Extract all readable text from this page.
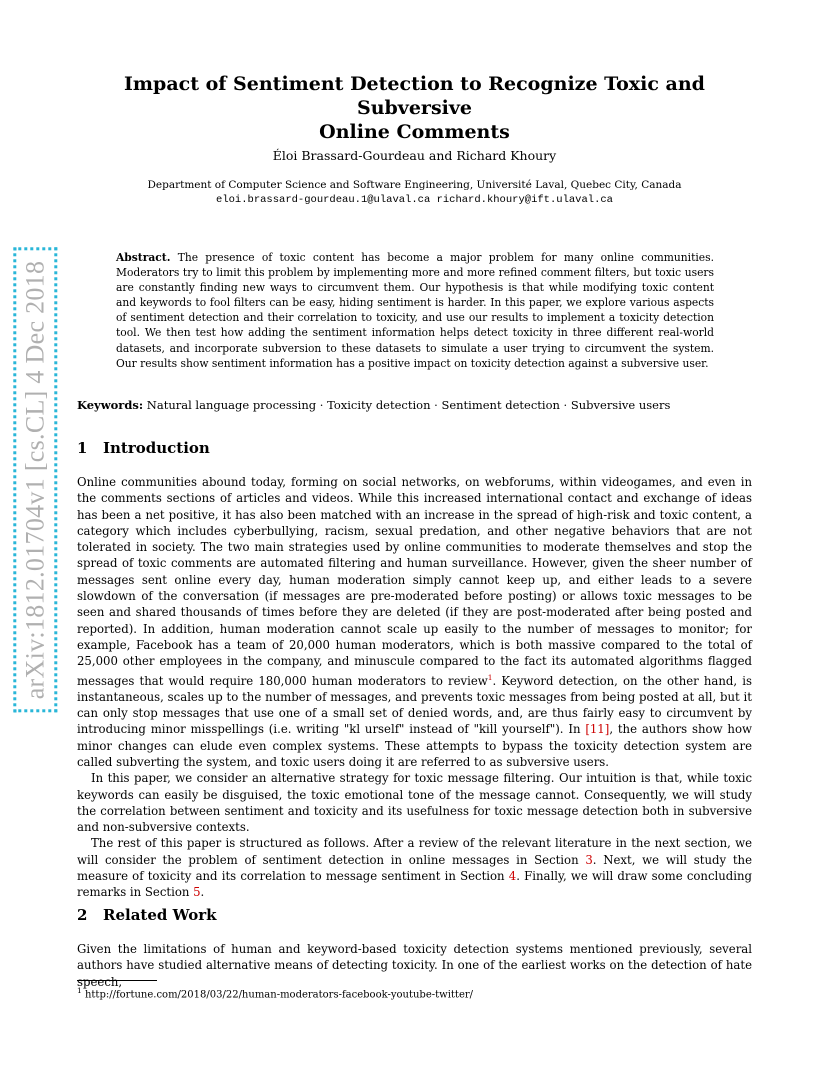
arXiv:1812.01704v1 [cs.CL] 4 Dec 2018
Impact of Sentiment Detection to Recognize Toxic and Subversive
Online Comments
Éloi Brassard-Gourdeau and Richard Khoury
Department of Computer Science and Software Engineering, Université Laval, Quebec City, Canada
eloi.brassard-gourdeau.1@ulaval.ca richard.khoury@ift.ulaval.ca
Abstract. The presence of toxic content has become a major problem for many online communities. Moderators try to limit this problem by implementing more and more refined comment filters, but toxic users are constantly finding new ways to circumvent them. Our hypothesis is that while modifying toxic content and keywords to fool filters can be easy, hiding sentiment is harder. In this paper, we explore various aspects of sentiment detection and their correlation to toxicity, and use our results to implement a toxicity detection tool. We then test how adding the sentiment information helps detect toxicity in three different real-world datasets, and incorporate subversion to these datasets to simulate a user trying to circumvent the system. Our results show sentiment information has a positive impact on toxicity detection against a subversive user.
Keywords: Natural language processing · Toxicity detection · Sentiment detection · Subversive users
1 Introduction

Online communities abound today, forming on social networks, on webforums, within videogames, and even in the comments sections of articles and videos. While this increased international contact and exchange of ideas has been a net positive, it has also been matched with an increase in the spread of high-risk and toxic content, a category which includes cyberbullying, racism, sexual predation, and other negative behaviors that are not tolerated in society. The two main strategies used by online communities to moderate themselves and stop the spread of toxic comments are automated filtering and human surveillance. However, given the sheer number of messages sent online every day, human moderation simply cannot keep up, and either leads to a severe slowdown of the conversation (if messages are pre-moderated before posting) or allows toxic messages to be seen and shared thousands of times before they are deleted (if they are post-moderated after being posted and reported). In addition, human moderation cannot scale up easily to the number of messages to monitor; for example, Facebook has a team of 20,000 human moderators, which is both massive compared to the total of 25,000 other employees in the company, and minuscule compared to the fact its automated algorithms flagged messages that would require 180,000 human moderators to review$^1$. Keyword detection, on the other hand, is instantaneous, scales up to the number of messages, and prevents toxic messages from being posted at all, but it can only stop messages that use one of a small set of denied words, and, are thus fairly easy to circumvent by introducing minor misspellings (i.e. writing "kl urself" instead of "kill yourself"). In [11], the authors show how minor changes can elude even complex systems. These attempts to bypass the toxicity detection system are called subverting the system, and toxic users doing it are referred to as subversive users.

In this paper, we consider an alternative strategy for toxic message filtering. Our intuition is that, while toxic keywords can easily be disguised, the toxic emotional tone of the message cannot. Consequently, we will study the correlation between sentiment and toxicity and its usefulness for toxic message detection both in subversive and non-subversive contexts.

The rest of this paper is structured as follows. After a review of the relevant literature in the next section, we will consider the problem of sentiment detection in online messages in Section 3. Next, we will study the measure of toxicity and its correlation to message sentiment in Section 4. Finally, we will draw some concluding remarks in Section 5.

2 Related Work
Given the limitations of human and keyword-based toxicity detection systems mentioned previously, several authors have studied alternative means of detecting toxicity. In one of the earliest works on the detection of hate speech,
$^1$ http://fortune.com/2018/03/22/human-moderators-facebook-youtube-twitter/
